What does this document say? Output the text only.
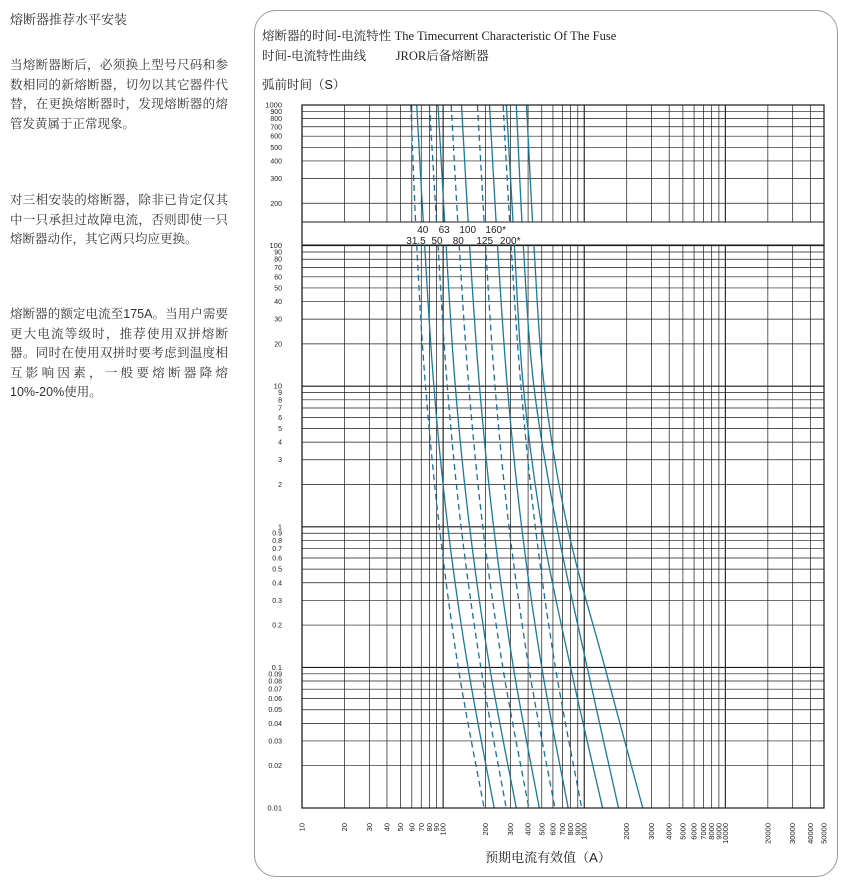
熔断器推荐水平安装

当熔断器断后，必须换上型号尺码和参数相同的新熔断器，切勿以其它器件代替，在更换熔断器时，发现熔断器的熔管发黄属于正常现象。

对三相安装的熔断器，除非已肯定仅其中一只承担过故障电流，否则即使一只熔断器动作，其它两只均应更换。

熔断器的额定电流至175A。当用户需要更大电流等级时，推荐使用双拼熔断器。同时在使用双拼时要考虑到温度相互影响因素，一般要熔断器降熔10%-20%使用。

熔断器的时间-电流特性 The Timecurrent Characteristic Of The Fuse
时间-电流特性曲线 JROR后备熔断器
弧前时间（S）
40 63 100 160*
31.5 50 80 125 200*
1000
900
800
700
600
500
400
300
200
100
90
80
70
60
50
40
30
20
10
9
8
7
6
5
4
3
2
1
0.9
0.8
0.7
0.6
0.5
0.4
0.3
0.2
0.1
0.09
0.08
0.07
0.06
0.05
0.04
0.03
0.02
0.01
10	20 30 40 50 60 70 80
90
100	200 300 400 500 600 700 800
900
1000	2000 3000 4000 5000 6000 7000 8000
9000
10000	20000 30000 40000 50000
预期电流有效值（A）
